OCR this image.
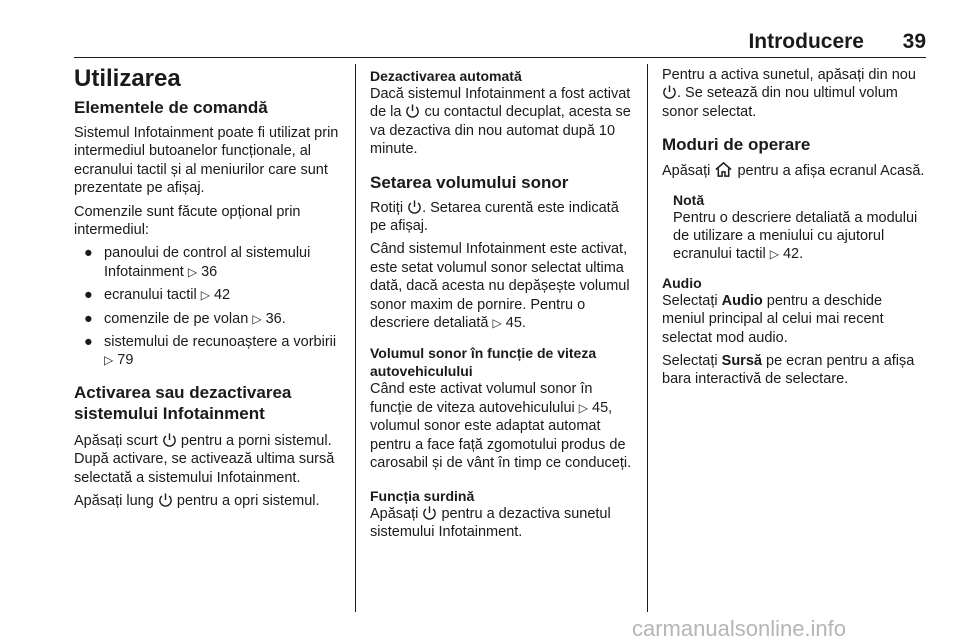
Introducere 39
Utilizarea
Elementele de comandă
Sistemul Infotainment poate fi utilizat prin intermediul butoanelor funcționale, al ecranului tactil și al meniurilor care sunt prezentate pe afișaj.
Comenzile sunt făcute opțional prin intermediul:
● panoului de control al sistemului Infotainment ▷ 36
● ecranului tactil ▷ 42
● comenzile de pe volan ▷ 36.
● sistemului de recunoaștere a vorbirii ▷ 79
Activarea sau dezactivarea
sistemului Infotainment
Apăsați scurt pentru a porni sistemul. După activare, se activează ultima sursă selectată a sistemului Infotainment.
Apăsați lung pentru a opri sistemul.
Dezactivarea automată
Dacă sistemul Infotainment a fost activat de la cu contactul decuplat, acesta se va dezactiva din nou automat după 10 minute.
Setarea volumului sonor
Rotiți . Setarea curentă este indicată pe afișaj.
Când sistemul Infotainment este activat, este setat volumul sonor selectat ultima dată, dacă acesta nu depășește volumul sonor maxim de pornire. Pentru o descriere detaliată ▷ 45.
Volumul sonor în funcție de viteza autovehiculului
Când este activat volumul sonor în funcție de viteza autovehiculului ▷ 45, volumul sonor este adaptat automat pentru a face față zgomotului produs de carosabil și de vânt în timp ce conduceți.
Funcția surdină
Apăsați pentru a dezactiva sunetul sistemului Infotainment.
Pentru a activa sunetul, apăsați din nou
. Se setează din nou ultimul volum sonor selectat.
Moduri de operare
Apăsați pentru a afișa ecranul Acasă.
Notă
Pentru o descriere detaliată a modului de utilizare a meniului cu ajutorul ecranului tactil ▷ 42.
Audio
Selectați Audio pentru a deschide meniul principal al celui mai recent selectat mod audio.
Selectați Sursă pe ecran pentru a afișa bara interactivă de selectare.
carmanualsonline.info
